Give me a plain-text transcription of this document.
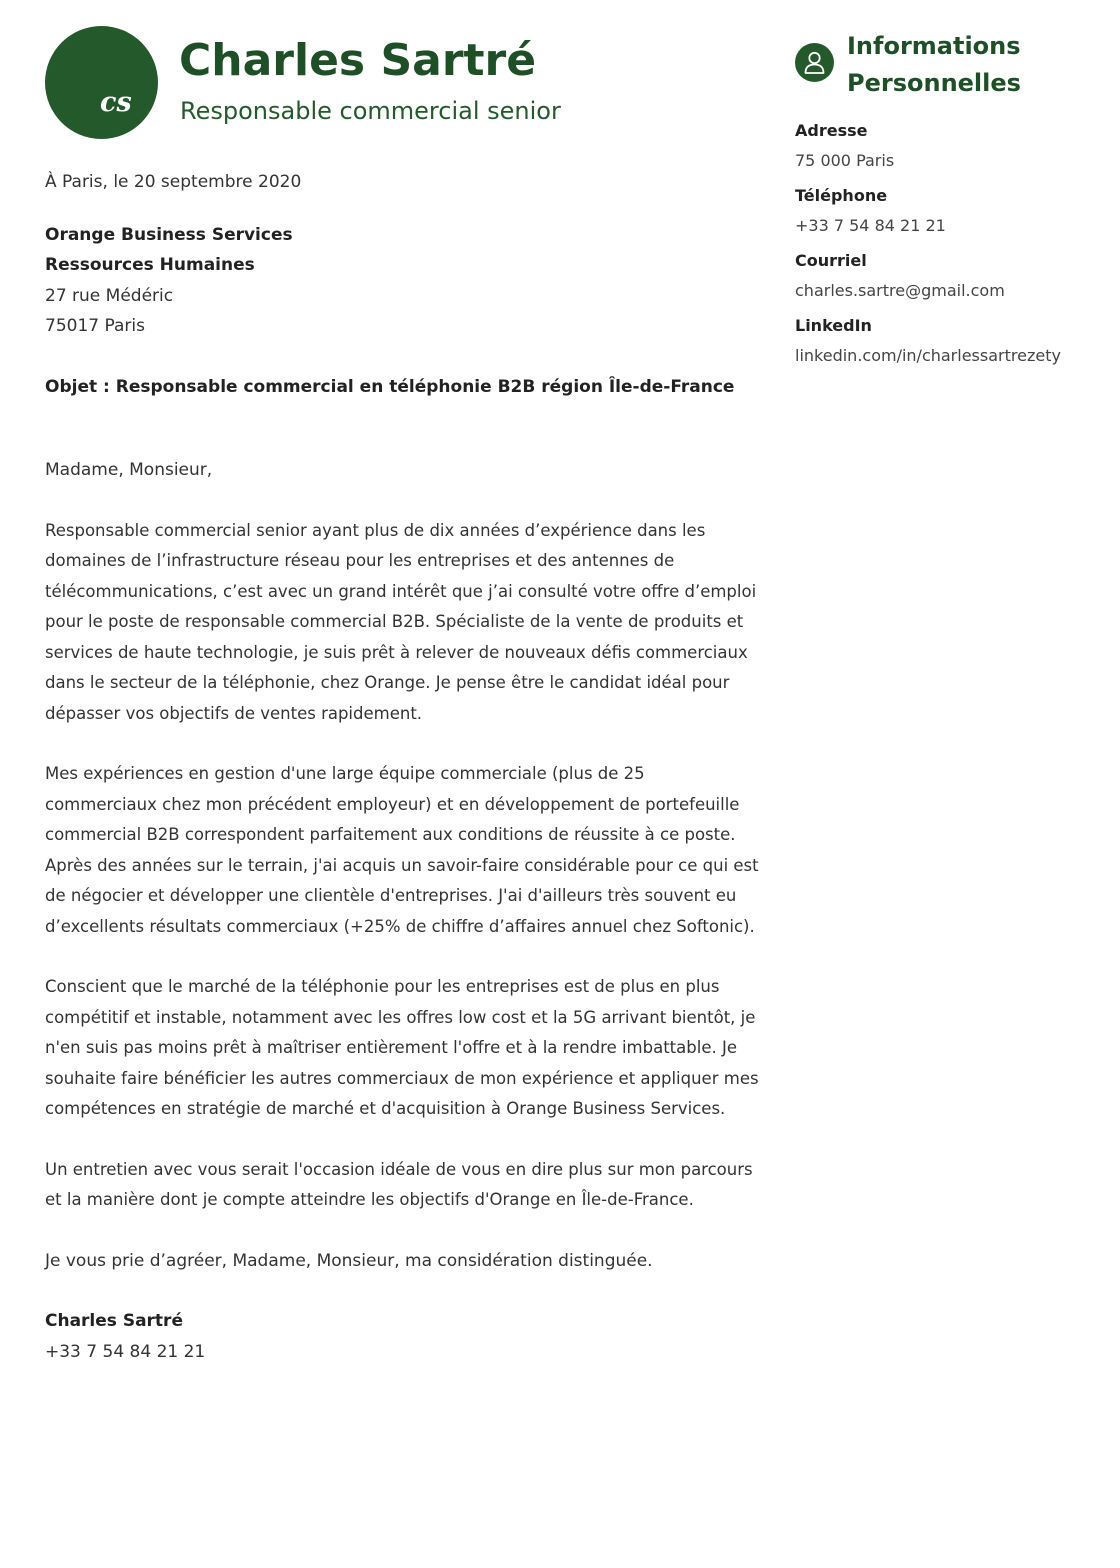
cs
Charles Sartré
Responsable commercial senior

À Paris, le 20 septembre 2020

Orange Business Services

Ressources Humaines

27 rue Médéric

75017 Paris

Objet : Responsable commercial en téléphonie B2B région Île-de-France

Madame, Monsieur,

Responsable commercial senior ayant plus de dix années d’expérience dans les domaines de l’infrastructure réseau pour les entreprises et des antennes de télécommunications, c’est avec un grand intérêt que j’ai consulté votre offre d’emploi pour le poste de responsable commercial B2B. Spécialiste de la vente de produits et services de haute technologie, je suis prêt à relever de nouveaux défis commerciaux dans le secteur de la téléphonie, chez Orange. Je pense être le candidat idéal pour dépasser vos objectifs de ventes rapidement.

Mes expériences en gestion d'une large équipe commerciale (plus de 25 commerciaux chez mon précédent employeur) et en développement de portefeuille commercial B2B correspondent parfaitement aux conditions de réussite à ce poste. Après des années sur le terrain, j'ai acquis un savoir-faire considérable pour ce qui est de négocier et développer une clientèle d'entreprises. J'ai d'ailleurs très souvent eu d’excellents résultats commerciaux (+25% de chiffre d’affaires annuel chez Softonic).

Conscient que le marché de la téléphonie pour les entreprises est de plus en plus compétitif et instable, notamment avec les offres low cost et la 5G arrivant bientôt, je n'en suis pas moins prêt à maîtriser entièrement l'offre et à la rendre imbattable. Je souhaite faire bénéficier les autres commerciaux de mon expérience et appliquer mes compétences en stratégie de marché et d'acquisition à Orange Business Services.

Un entretien avec vous serait l'occasion idéale de vous en dire plus sur mon parcours et la manière dont je compte atteindre les objectifs d'Orange en Île-de-France.

Je vous prie d’agréer, Madame, Monsieur, ma considération distinguée.

Charles Sartré

+33 7 54 84 21 21

Informations Personnelles
Adresse
75 000 Paris
Téléphone
+33 7 54 84 21 21
Courriel
charles.sartre@gmail.com
LinkedIn
linkedin.com/in/charlessartrezety
